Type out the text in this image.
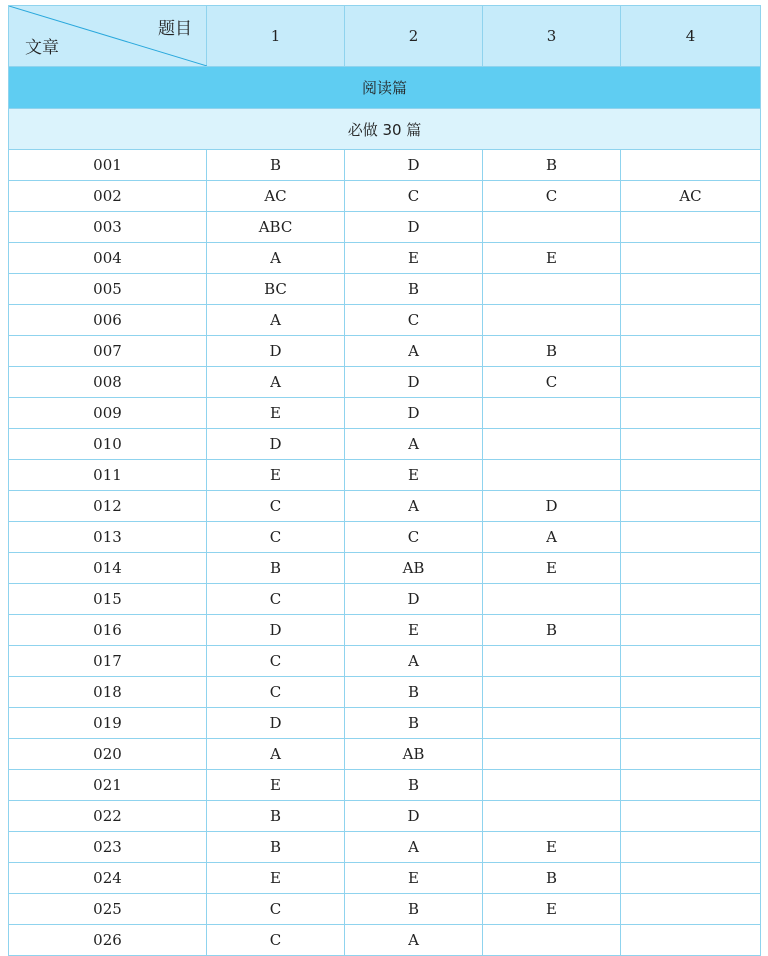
题目
文章	1	2	3	4
阅读篇				
必做 30 篇				
001	B	D	B	
002	AC	C	C	AC
003	ABC	D		
004	A	E	E	
005	BC	B		
006	A	C		
007	D	A	B	
008	A	D	C	
009	E	D		
010	D	A		
011	E	E		
012	C	A	D	
013	C	C	A	
014	B	AB	E	
015	C	D		
016	D	E	B	
017	C	A		
018	C	B		
019	D	B		
020	A	AB		
021	E	B		
022	B	D		
023	B	A	E	
024	E	E	B	
025	C	B	E	
026	C	A		
